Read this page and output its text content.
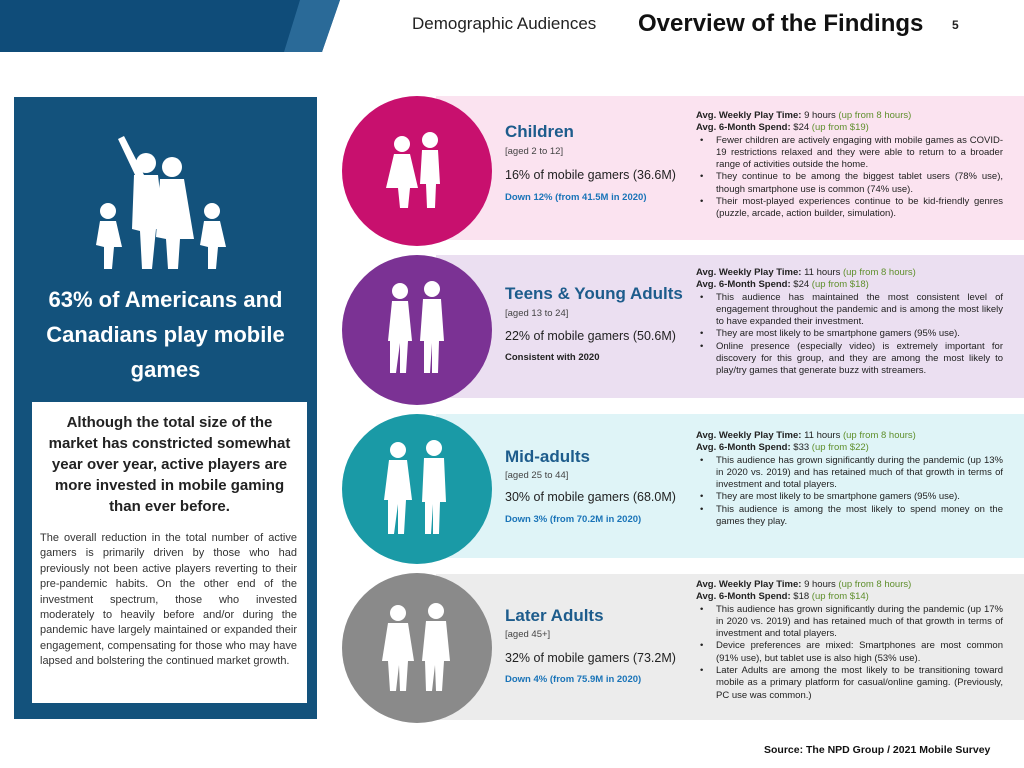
Demographic Audiences Overview of the Findings 5
63% of Americans and Canadians play mobile games
Although the total size of the market has constricted somewhat year over year, active players are more invested in mobile gaming than ever before.
The overall reduction in the total number of active gamers is primarily driven by those who had previously not been active players reverting to their pre-pandemic habits. On the other end of the investment spectrum, those who invested moderately to heavily before and/or during the pandemic have largely maintained or expanded their engagement, compensating for those who may have lapsed and bolstering the continued market growth.
Children
[aged 2 to 12]
16% of mobile gamers (36.6M)
Down 12% (from 41.5M in 2020)
Avg. Weekly Play Time: 9 hours (up from 8 hours)
Avg. 6-Month Spend: $24 (up from $19)
• Fewer children are actively engaging with mobile games as COVID-19 restrictions relaxed and they were able to return to a broader range of activities outside the home.
• They continue to be among the biggest tablet users (78% use), though smartphone use is common (74% use).
• Their most-played experiences continue to be kid-friendly genres (puzzle, arcade, action builder, simulation).
Teens & Young Adults
[aged 13 to 24]
22% of mobile gamers (50.6M)
Consistent with 2020
Avg. Weekly Play Time: 11 hours (up from 8 hours)
Avg. 6-Month Spend: $24 (up from $18)
• This audience has maintained the most consistent level of engagement throughout the pandemic and is among the most likely to have expanded their investment.
• They are most likely to be smartphone gamers (95% use).
• Online presence (especially video) is extremely important for discovery for this group, and they are among the most likely to play/try games that generate buzz with streamers.
Mid-adults
[aged 25 to 44]
30% of mobile gamers (68.0M)
Down 3% (from 70.2M in 2020)
Avg. Weekly Play Time: 11 hours (up from 8 hours)
Avg. 6-Month Spend: $33 (up from $22)
• This audience has grown significantly during the pandemic (up 13% in 2020 vs. 2019) and has retained much of that growth in terms of investment and total players.
• They are most likely to be smartphone gamers (95% use).
• This audience is among the most likely to spend money on the games they play.
Later Adults
[aged 45+]
32% of mobile gamers (73.2M)
Down 4% (from 75.9M in 2020)
Avg. Weekly Play Time: 9 hours (up from 8 hours)
Avg. 6-Month Spend: $18 (up from $14)
• This audience has grown significantly during the pandemic (up 17% in 2020 vs. 2019) and has retained much of that growth in terms of investment and total players.
• Device preferences are mixed: Smartphones are most common (91% use), but tablet use is also high (53% use).
• Later Adults are among the most likely to be transitioning toward mobile as a primary platform for casual/online gaming. (Previously, PC use was common.)
Source: The NPD Group / 2021 Mobile Survey
